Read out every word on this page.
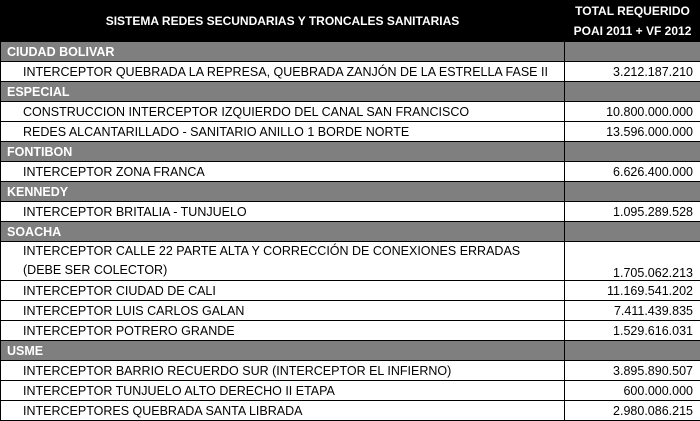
SISTEMA REDES SECUNDARIAS Y TRONCALES SANITARIAS	TOTAL REQUERIDO
POAI 2011 + VF 2012

CIUDAD BOLIVAR	
INTERCEPTOR QUEBRADA LA REPRESA, QUEBRADA ZANJÓN DE LA ESTRELLA FASE II	3.212.187.210
ESPECIAL	
CONSTRUCCION INTERCEPTOR IZQUIERDO DEL CANAL SAN FRANCISCO	10.800.000.000
REDES ALCANTARILLADO - SANITARIO ANILLO 1 BORDE NORTE	13.596.000.000
FONTIBON	
INTERCEPTOR ZONA FRANCA	6.626.400.000
KENNEDY	
INTERCEPTOR BRITALIA - TUNJUELO	1.095.289.528
SOACHA	
INTERCEPTOR CALLE 22 PARTE ALTA Y CORRECCIÓN DE CONEXIONES ERRADAS (DEBE SER COLECTOR)	1.705.062.213
INTERCEPTOR CIUDAD DE CALI	11.169.541.202
INTERCEPTOR LUIS CARLOS GALAN	7.411.439.835
INTERCEPTOR POTRERO GRANDE	1.529.616.031
USME	
INTERCEPTOR BARRIO RECUERDO SUR (INTERCEPTOR EL INFIERNO)	3.895.890.507
INTERCEPTOR TUNJUELO ALTO DERECHO II ETAPA	600.000.000
INTERCEPTORES QUEBRADA SANTA LIBRADA	2.980.086.215
